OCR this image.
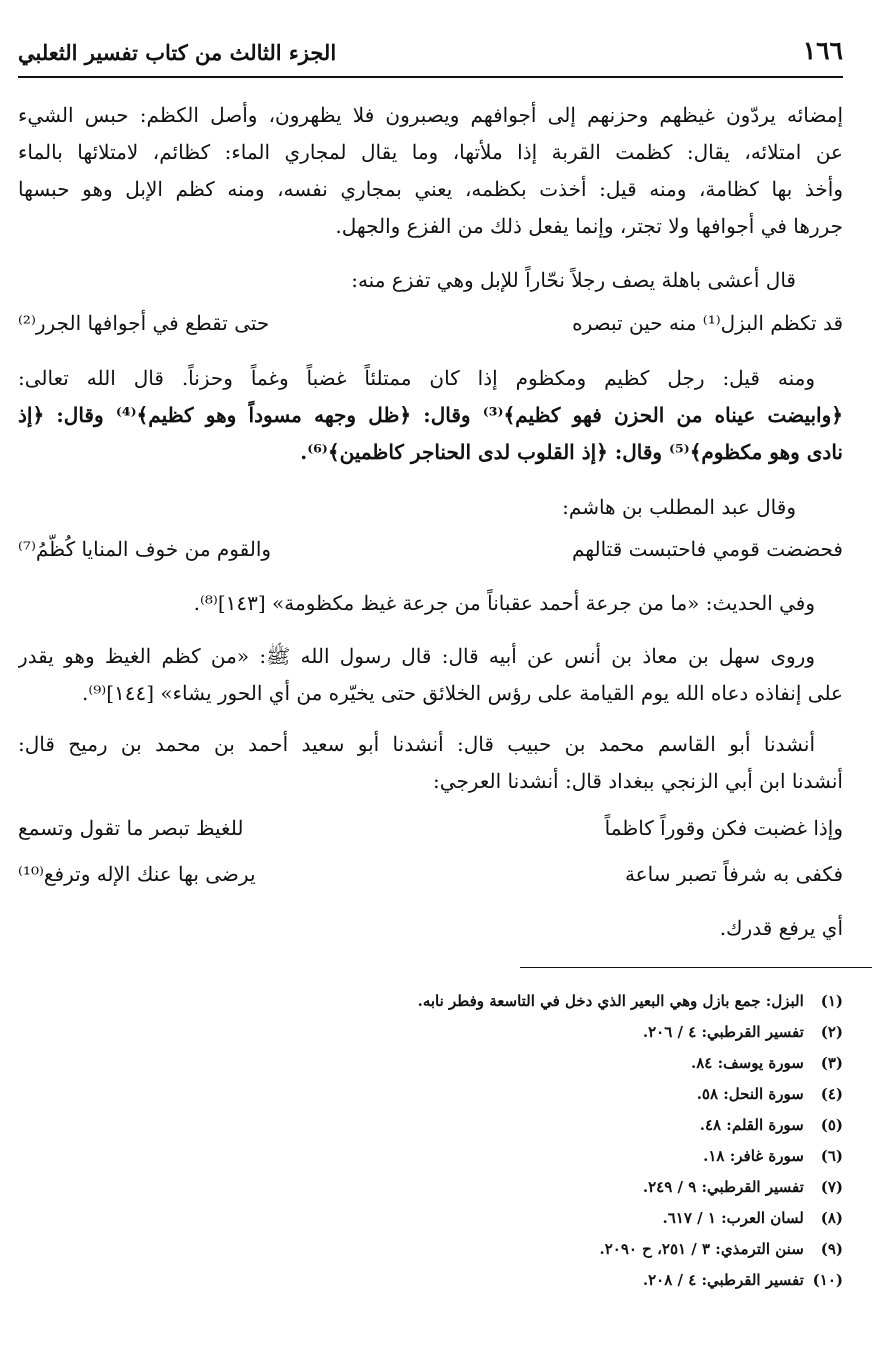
١٦٦
الجزء الثالث من كتاب تفسير الثعلبي
إمضائه يردّون غيظهم وحزنهم إلى أجوافهم ويصبرون فلا يظهرون، وأصل الكظم: حبس الشيء
عن امتلائه، يقال: كظمت القربة إذا ملأتها، وما يقال لمجاري الماء: كظائم، لامتلائها بالماء
وأخذ بها كظامة، ومنه قيل: أخذت بكظمه، يعني بمجاري نفسه، ومنه كظم الإبل وهو حبسها
جررها في أجوافها ولا تجتر، وإنما يفعل ذلك من الفزع والجهل.
قال أعشى باهلة يصف رجلاً نحّاراً للإبل وهي تفزع منه:
قد تكظم البزل⁽¹⁾ منه حين تبصره
حتى تقطع في أجوافها الجرر⁽²⁾
ومنه قيل: رجل كظيم ومكظوم إذا كان ممتلئاً غضباً وغماً وحزناً. قال الله تعالى:
﴿وابيضت عيناه من الحزن فهو كظيم﴾⁽³⁾ وقال: ﴿ظل وجهه مسوداً وهو كظيم﴾⁽⁴⁾ وقال: ﴿إذ
نادى وهو مكظوم﴾⁽⁵⁾ وقال: ﴿إذ القلوب لدى الحناجر كاظمين﴾⁽⁶⁾.
وقال عبد المطلب بن هاشم:
فحضضت قومي فاحتبست قتالهم
والقوم من خوف المنايا كُظّمُ⁽⁷⁾
وفي الحديث: «ما من جرعة أحمد عقباناً من جرعة غيظ مكظومة» [١٤٣]⁽⁸⁾.
وروى سهل بن معاذ بن أنس عن أبيه قال: قال رسول الله ﷺ: «من كظم الغيظ وهو يقدر
على إنفاذه دعاه الله يوم القيامة على رؤس الخلائق حتى يخيّره من أي الحور يشاء» [١٤٤]⁽⁹⁾.
أنشدنا أبو القاسم محمد بن حبيب قال: أنشدنا أبو سعيد أحمد بن محمد بن رميح قال:
أنشدنا ابن أبي الزنجي ببغداد قال: أنشدنا العرجي:
وإذا غضبت فكن وقوراً كاظماً
للغيظ تبصر ما تقول وتسمع
فكفى به شرفاً تصبر ساعة
يرضى بها عنك الإله وترفع⁽¹⁰⁾
أي يرفع قدرك.
(١) البزل: جمع بازل وهي البعير الذي دخل في التاسعة وفطر نابه.
(٢) تفسير القرطبي: ٤ / ٢٠٦.
(٣) سورة يوسف: ٨٤.
(٤) سورة النحل: ٥٨.
(٥) سورة القلم: ٤٨.
(٦) سورة غافر: ١٨.
(٧) تفسير القرطبي: ٩ / ٢٤٩.
(٨) لسان العرب: ١ / ٦١٧.
(٩) سنن الترمذي: ٣ / ٢٥١، ح ٢٠٩٠.
(١٠) تفسير القرطبي: ٤ / ٢٠٨.
